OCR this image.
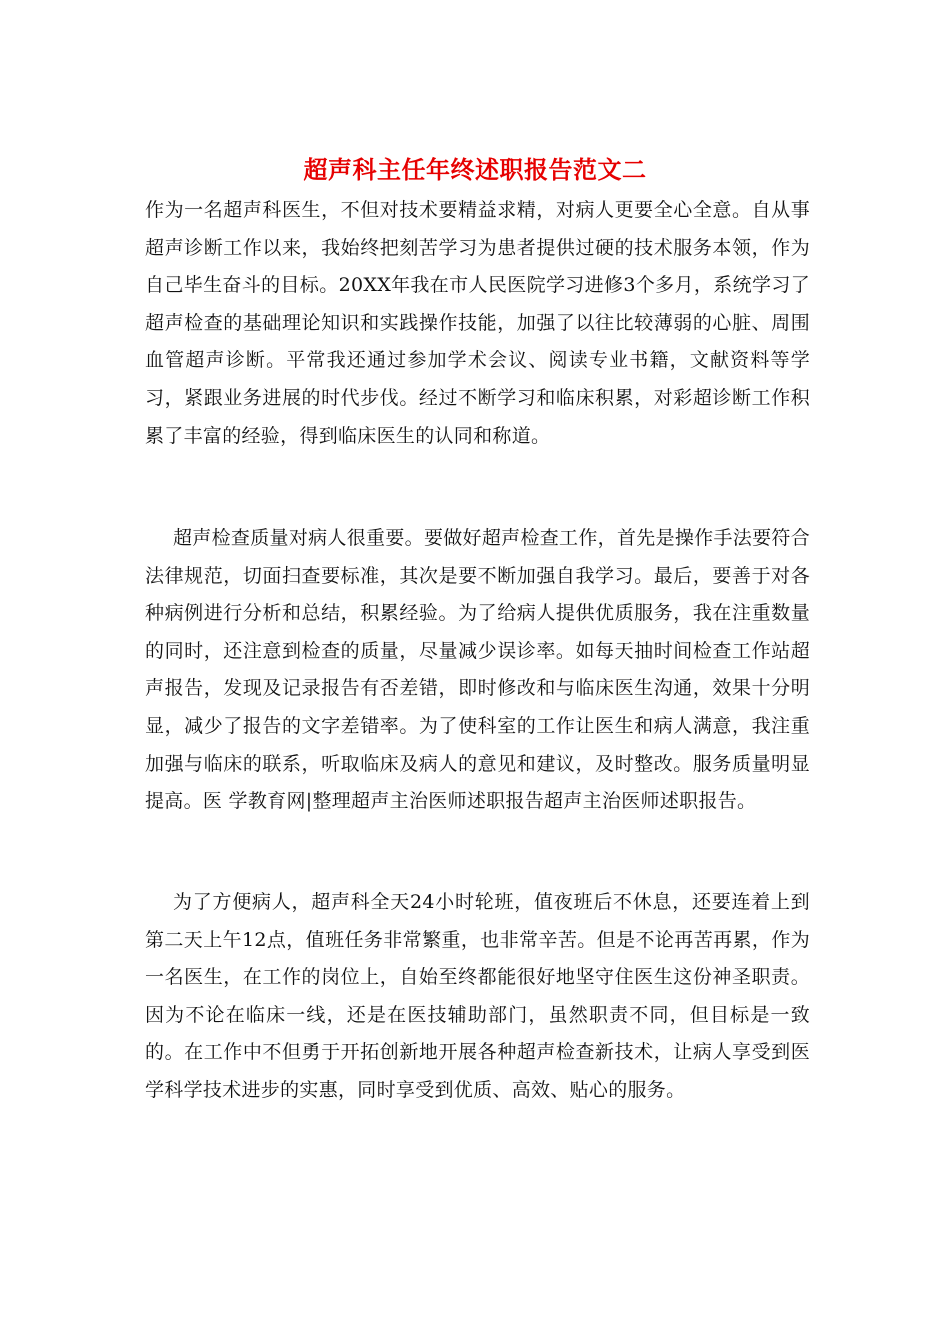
超声科主任年终述职报告范文二

作为一名超声科医生，不但对技术要精益求精，对病人更要全心全意。自从事超声诊断工作以来，我始终把刻苦学习为患者提供过硬的技术服务本领，作为自己毕生奋斗的目标。20XX年我在市人民医院学习进修3个多月，系统学习了超声检查的基础理论知识和实践操作技能，加强了以往比较薄弱的心脏、周围血管超声诊断。平常我还通过参加学术会议、阅读专业书籍，文献资料等学习，紧跟业务进展的时代步伐。经过不断学习和临床积累，对彩超诊断工作积累了丰富的经验，得到临床医生的认同和称道。

超声检查质量对病人很重要。要做好超声检查工作，首先是操作手法要符合法律规范，切面扫查要标准，其次是要不断加强自我学习。最后，要善于对各种病例进行分析和总结，积累经验。为了给病人提供优质服务，我在注重数量的同时，还注意到检查的质量，尽量减少误诊率。如每天抽时间检查工作站超声报告，发现及记录报告有否差错，即时修改和与临床医生沟通，效果十分明显，减少了报告的文字差错率。为了使科室的工作让医生和病人满意，我注重加强与临床的联系，听取临床及病人的意见和建议，及时整改。服务质量明显提高。医 学教育网|整理超声主治医师述职报告超声主治医师述职报告。

为了方便病人，超声科全天24小时轮班，值夜班后不休息，还要连着上到第二天上午12点，值班任务非常繁重，也非常辛苦。但是不论再苦再累，作为一名医生，在工作的岗位上，自始至终都能很好地坚守住医生这份神圣职责。因为不论在临床一线，还是在医技辅助部门，虽然职责不同，但目标是一致的。在工作中不但勇于开拓创新地开展各种超声检查新技术，让病人享受到医学科学技术进步的实惠，同时享受到优质、高效、贴心的服务。
